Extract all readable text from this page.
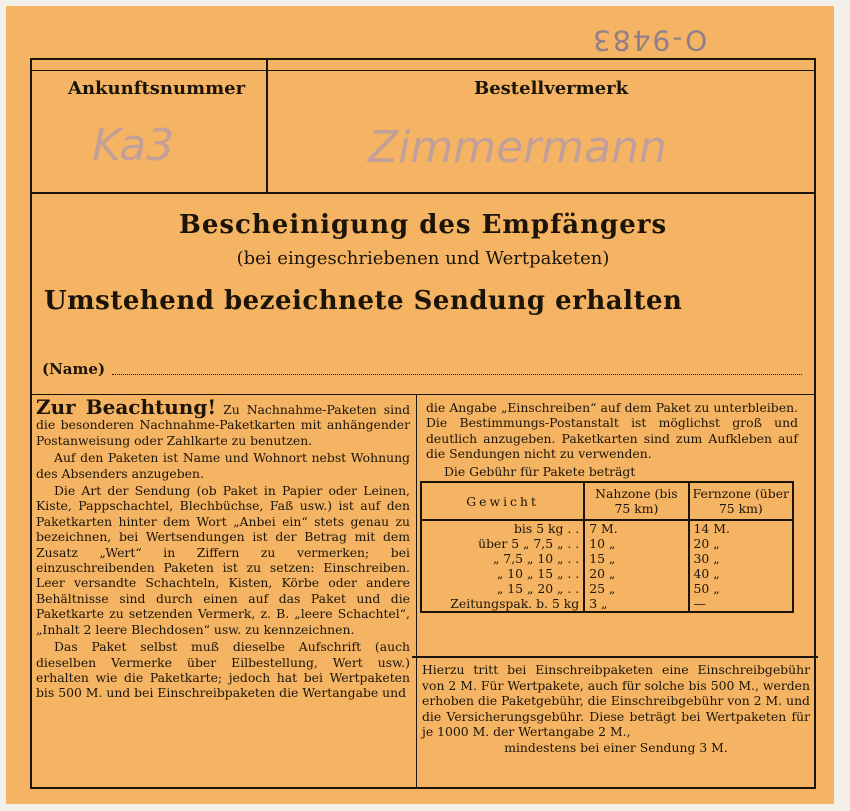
O-9483
Ankunftsnummer
Ka3
Bestellvermerk
Zimmermann
Bescheinigung des Empfängers
(bei eingeschriebenen und Wertpaketen)
Umstehend bezeichnete Sendung erhalten
(Name)

Zur Beachtung! Zu Nachnahme-Paketen sind die besonderen Nachnahme-Paketkarten mit anhängender Postanweisung oder Zahlkarte zu benutzen.

Auf den Paketen ist Name und Wohnort nebst Wohnung des Absenders anzugeben.

Die Art der Sendung (ob Paket in Papier oder Leinen, Kiste, Pappschachtel, Blechbüchse, Faß usw.) ist auf den Paketkarten hinter dem Wort „Anbei ein“ stets genau zu bezeichnen, bei Wertsendungen ist der Betrag mit dem Zusatz „Wert“ in Ziffern zu vermerken; bei einzuschreibenden Paketen ist zu setzen: Einschreiben. Leer versandte Schachteln, Kisten, Körbe oder andere Behältnisse sind durch einen auf das Paket und die Paketkarte zu setzenden Vermerk, z. B. „leere Schachtel“, „Inhalt 2 leere Blechdosen“ usw. zu kennzeichnen.

Das Paket selbst muß dieselbe Aufschrift (auch dieselben Vermerke über Eilbestellung, Wert usw.) erhalten wie die Paketkarte; jedoch hat bei Wertpaketen bis 500 M. und bei Einschreibpaketen die Wertangabe und

die Angabe „Einschreiben“ auf dem Paket zu unterbleiben. Die Bestimmungs-Postanstalt ist möglichst groß und deutlich anzugeben. Paketkarten sind zum Aufkleben auf die Sendungen nicht zu verwenden.

Die Gebühr für Pakete beträgt

Gewicht	Nahzone (bis 75 km)	Fernzone (über 75 km)
bis 5 kg . .	7 M.	14 M.
über 5 „ 7,5 „ . .	10 „	20 „
„ 7,5 „ 10 „ . .	15 „	30 „
„ 10 „ 15 „ . .	20 „	40 „
„ 15 „ 20 „ . .	25 „	50 „
Zeitungspak. b. 5 kg	3 „	—
Hierzu tritt bei Einschreibpaketen eine Einschreibgebühr von 2 M. Für Wertpakete, auch für solche bis 500 M., werden erhoben die Paketgebühr, die Einschreibgebühr von 2 M. und die Versicherungsgebühr. Diese beträgt bei Wertpaketen für je 1000 M. der Wertangabe 2 M.,
mindestens bei einer Sendung 3 M.
